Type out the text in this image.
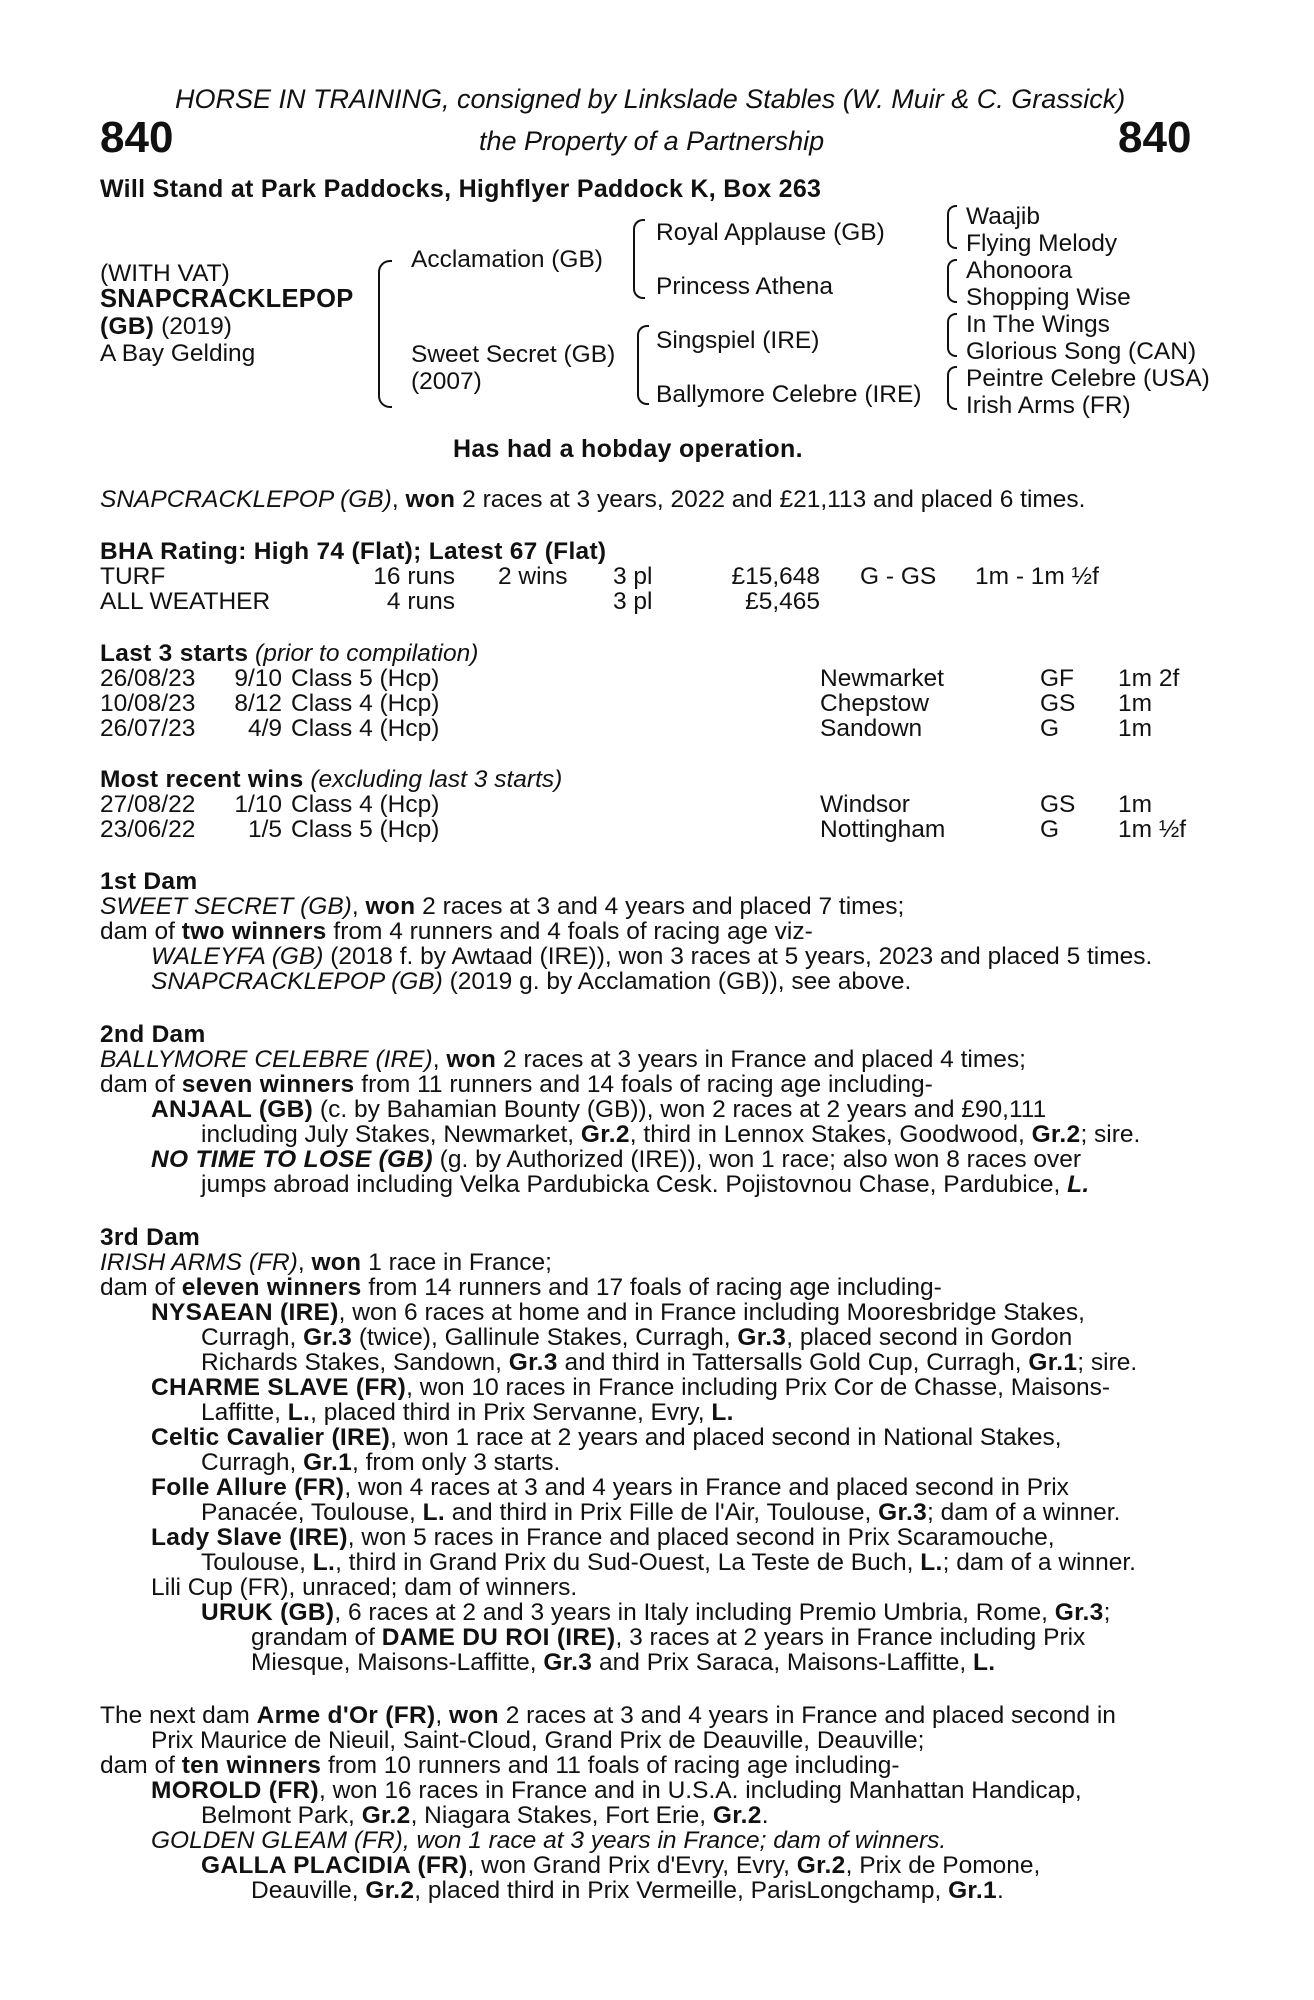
HORSE IN TRAINING, consigned by Linkslade Stables (W. Muir & C. Grassick)
840	the Property of a Partnership	840
Will Stand at Park Paddocks, Highflyer Paddock K, Box 263
(WITH VAT)
SNAPCRACKLEPOP
(GB) (2019)
A Bay Gelding
Acclamation (GB)
Sweet Secret (GB)
(2007)
Royal Applause (GB)
Princess Athena
Singspiel (IRE)
Ballymore Celebre (IRE)
Waajib
Flying Melody
Ahonoora
Shopping Wise
In The Wings
Glorious Song (CAN)
Peintre Celebre (USA)
Irish Arms (FR)
Has had a hobday operation.
SNAPCRACKLEPOP (GB), won 2 races at 3 years, 2022 and £21,113 and placed 6 times.
BHA Rating: High 74 (Flat); Latest 67 (Flat)
TURF	16 runs 2 wins 3 pl	£15,648 G - GS 1m - 1m ½f
ALL WEATHER	4 runs	3 pl	£5,465
Last 3 starts (prior to compilation)
26/08/23	9/10 Class 5 (Hcp)	Newmarket	GF 1m 2f
10/08/23	8/12 Class 4 (Hcp)	Chepstow	GS 1m
26/07/23	4/9 Class 4 (Hcp)	Sandown	G 1m
Most recent wins (excluding last 3 starts)
27/08/22	1/10 Class 4 (Hcp)	Windsor	GS 1m
23/06/22	1/5 Class 5 (Hcp)	Nottingham	G 1m ½f
1st Dam
SWEET SECRET (GB), won 2 races at 3 and 4 years and placed 7 times;
dam of two winners from 4 runners and 4 foals of racing age viz-
WALEYFA (GB) (2018 f. by Awtaad (IRE)), won 3 races at 5 years, 2023 and placed 5 times.
SNAPCRACKLEPOP (GB) (2019 g. by Acclamation (GB)), see above.
2nd Dam
BALLYMORE CELEBRE (IRE), won 2 races at 3 years in France and placed 4 times;
dam of seven winners from 11 runners and 14 foals of racing age including-
ANJAAL (GB) (c. by Bahamian Bounty (GB)), won 2 races at 2 years and £90,111
including July Stakes, Newmarket, Gr.2, third in Lennox Stakes, Goodwood, Gr.2; sire.
NO TIME TO LOSE (GB) (g. by Authorized (IRE)), won 1 race; also won 8 races over
jumps abroad including Velka Pardubicka Cesk. Pojistovnou Chase, Pardubice, L.
3rd Dam
IRISH ARMS (FR), won 1 race in France;
dam of eleven winners from 14 runners and 17 foals of racing age including-
NYSAEAN (IRE), won 6 races at home and in France including Mooresbridge Stakes,
Curragh, Gr.3 (twice), Gallinule Stakes, Curragh, Gr.3, placed second in Gordon
Richards Stakes, Sandown, Gr.3 and third in Tattersalls Gold Cup, Curragh, Gr.1; sire.
CHARME SLAVE (FR), won 10 races in France including Prix Cor de Chasse, Maisons-
Laffitte, L., placed third in Prix Servanne, Evry, L.
Celtic Cavalier (IRE), won 1 race at 2 years and placed second in National Stakes,
Curragh, Gr.1, from only 3 starts.
Folle Allure (FR), won 4 races at 3 and 4 years in France and placed second in Prix
Panacée, Toulouse, L. and third in Prix Fille de l'Air, Toulouse, Gr.3; dam of a winner.
Lady Slave (IRE), won 5 races in France and placed second in Prix Scaramouche,
Toulouse, L., third in Grand Prix du Sud-Ouest, La Teste de Buch, L.; dam of a winner.
Lili Cup (FR), unraced; dam of winners.
URUK (GB), 6 races at 2 and 3 years in Italy including Premio Umbria, Rome, Gr.3;
grandam of DAME DU ROI (IRE), 3 races at 2 years in France including Prix
Miesque, Maisons-Laffitte, Gr.3 and Prix Saraca, Maisons-Laffitte, L.
The next dam Arme d'Or (FR), won 2 races at 3 and 4 years in France and placed second in
Prix Maurice de Nieuil, Saint-Cloud, Grand Prix de Deauville, Deauville;
dam of ten winners from 10 runners and 11 foals of racing age including-
MOROLD (FR), won 16 races in France and in U.S.A. including Manhattan Handicap,
Belmont Park, Gr.2, Niagara Stakes, Fort Erie, Gr.2.
GOLDEN GLEAM (FR), won 1 race at 3 years in France; dam of winners.
GALLA PLACIDIA (FR), won Grand Prix d'Evry, Evry, Gr.2, Prix de Pomone,
Deauville, Gr.2, placed third in Prix Vermeille, ParisLongchamp, Gr.1.
